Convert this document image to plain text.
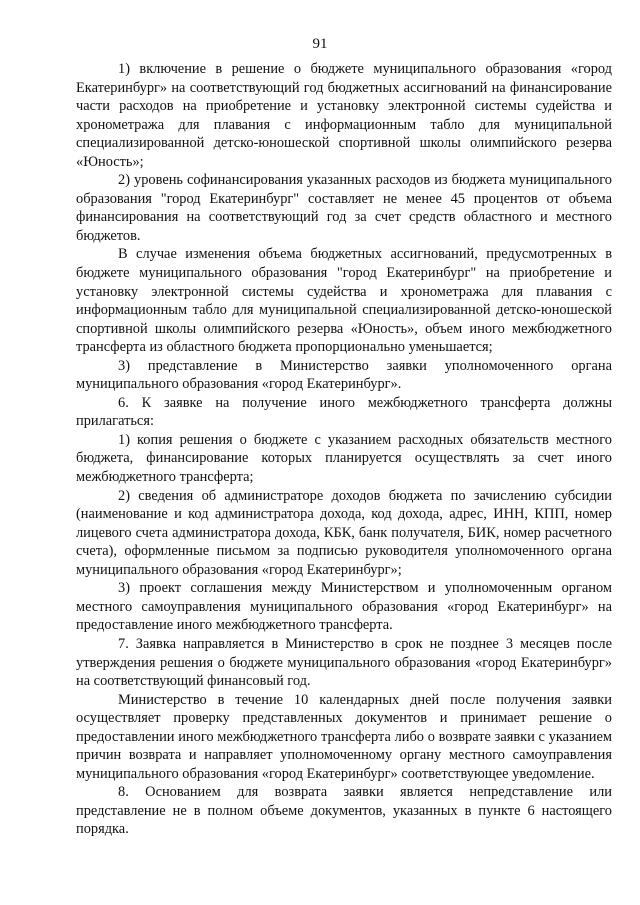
91

1) включение в решение о бюджете муниципального образования «город Екатеринбург» на соответствующий год бюджетных ассигнований на финансирование части расходов на приобретение и установку электронной системы судейства и хронометража для плавания с информационным табло для муниципальной специализированной детско-юношеской спортивной школы олимпийского резерва «Юность»;

2) уровень софинансирования указанных расходов из бюджета муниципального образования "город Екатеринбург" составляет не менее 45 процентов от объема финансирования на соответствующий год за счет средств областного и местного бюджетов.

В случае изменения объема бюджетных ассигнований, предусмотренных в бюджете муниципального образования "город Екатеринбург" на приобретение и установку электронной системы судейства и хронометража для плавания с информационным табло для муниципальной специализированной детско-юношеской спортивной школы олимпийского резерва «Юность», объем иного межбюджетного трансферта из областного бюджета пропорционально уменьшается;

3) представление в Министерство заявки уполномоченного органа муниципального образования «город Екатеринбург».

6. К заявке на получение иного межбюджетного трансферта должны прилагаться:

1) копия решения о бюджете с указанием расходных обязательств местного бюджета, финансирование которых планируется осуществлять за счет иного межбюджетного трансферта;

2) сведения об администраторе доходов бюджета по зачислению субсидии (наименование и код администратора дохода, код дохода, адрес, ИНН, КПП, номер лицевого счета администратора дохода, КБК, банк получателя, БИК, номер расчетного счета), оформленные письмом за подписью руководителя уполномоченного органа муниципального образования «город Екатеринбург»;

3) проект соглашения между Министерством и уполномоченным органом местного самоуправления муниципального образования «город Екатеринбург» на предоставление иного межбюджетного трансферта.

7. Заявка направляется в Министерство в срок не позднее 3 месяцев после утверждения решения о бюджете муниципального образования «город Екатеринбург» на соответствующий финансовый год.

Министерство в течение 10 календарных дней после получения заявки осуществляет проверку представленных документов и принимает решение о предоставлении иного межбюджетного трансферта либо о возврате заявки с указанием причин возврата и направляет уполномоченному органу местного самоуправления муниципального образования «город Екатеринбург» соответствующее уведомление.

8. Основанием для возврата заявки является непредставление или представление не в полном объеме документов, указанных в пункте 6 настоящего порядка.
